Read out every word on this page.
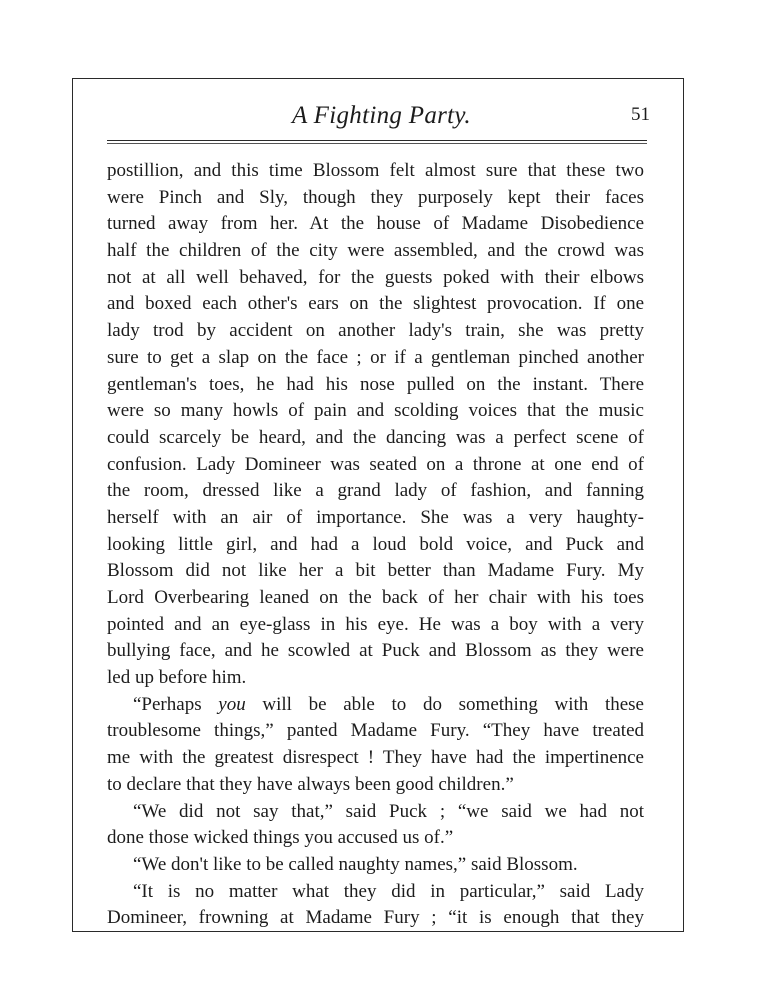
A Fighting Party.	51
postillion, and this time Blossom felt almost sure that these two
were Pinch and Sly, though they purposely kept their faces
turned away from her. At the house of Madame Disobedience
half the children of the city were assembled, and the crowd was
not at all well behaved, for the guests poked with their elbows
and boxed each other's ears on the slightest provocation. If one
lady trod by accident on another lady's train, she was pretty
sure to get a slap on the face ; or if a gentleman pinched another
gentleman's toes, he had his nose pulled on the instant. There
were so many howls of pain and scolding voices that the music
could scarcely be heard, and the dancing was a perfect scene of
confusion. Lady Domineer was seated on a throne at one end of
the room, dressed like a grand lady of fashion, and fanning
herself with an air of importance. She was a very haughty-
looking little girl, and had a loud bold voice, and Puck and
Blossom did not like her a bit better than Madame Fury. My
Lord Overbearing leaned on the back of her chair with his toes
pointed and an eye-glass in his eye. He was a boy with a very
bullying face, and he scowled at Puck and Blossom as they were
led up before him.
“Perhaps you will be able to do something with these
troublesome things,” panted Madame Fury. “They have treated
me with the greatest disrespect ! They have had the impertinence
to declare that they have always been good children.”
“We did not say that,” said Puck ; “we said we had not
done those wicked things you accused us of.”
“We don't like to be called naughty names,” said Blossom.
“It is no matter what they did in particular,” said Lady
Domineer, frowning at Madame Fury ; “it is enough that they
